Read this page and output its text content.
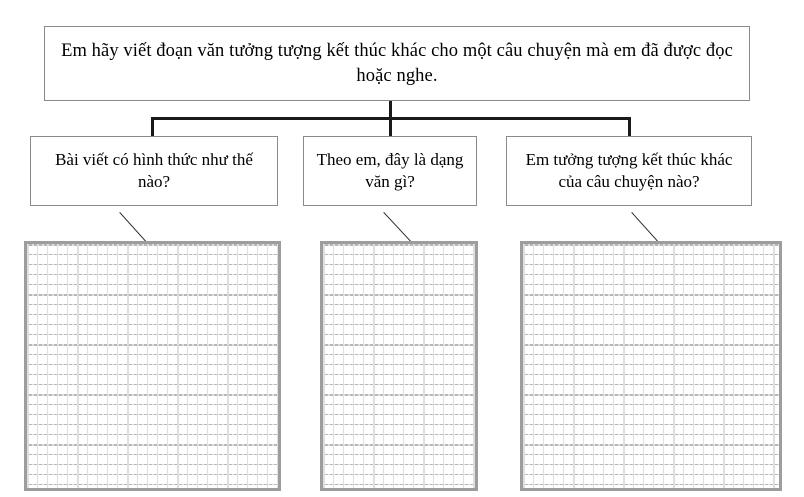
Em hãy viết đoạn văn tưởng tượng kết thúc khác cho một câu chuyện mà em đã được đọc hoặc nghe.
Bài viết có hình thức như thế nào?
Theo em, đây là dạng văn gì?
Em tưởng tượng kết thúc khác của câu chuyện nào?
